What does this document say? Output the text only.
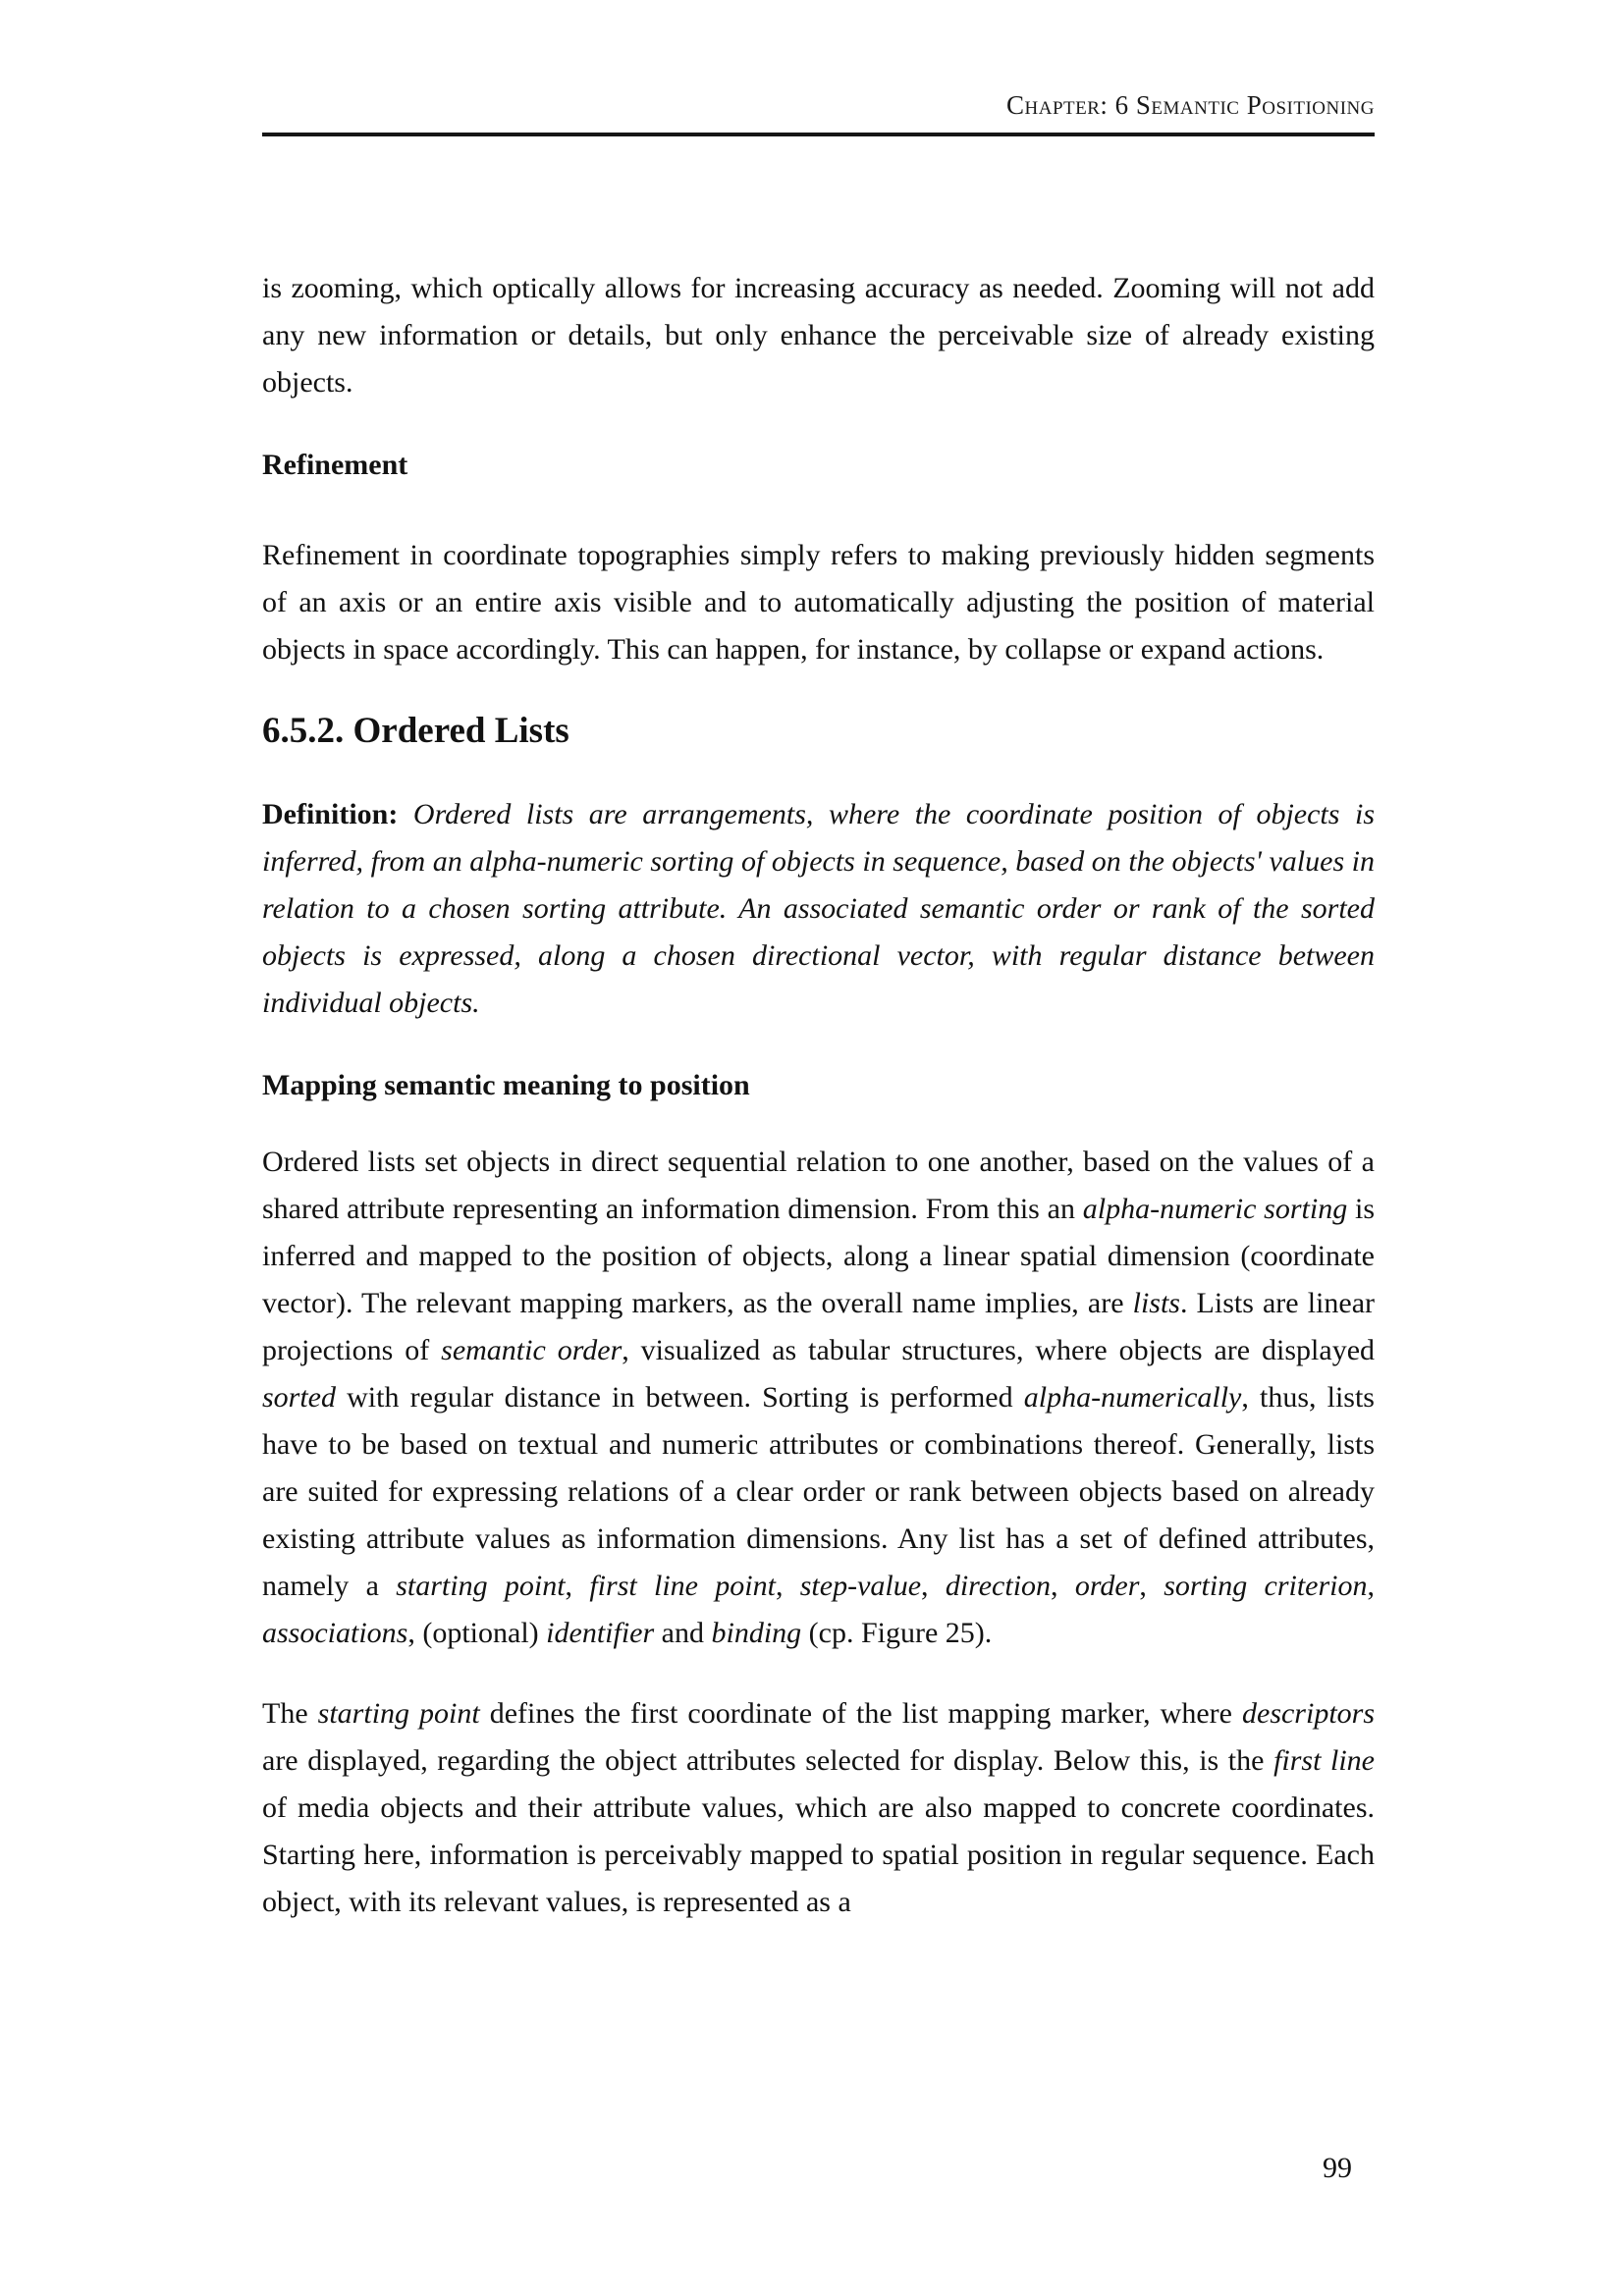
Chapter: 6 Semantic Positioning

is zooming, which optically allows for increasing accuracy as needed. Zooming will not add any new information or details, but only enhance the perceivable size of already existing objects.

Refinement

Refinement in coordinate topographies simply refers to making previously hidden segments of an axis or an entire axis visible and to automatically adjusting the position of material objects in space accordingly. This can happen, for instance, by collapse or expand actions.

6.5.2. Ordered Lists

Definition: Ordered lists are arrangements, where the coordinate position of objects is inferred, from an alpha-numeric sorting of objects in sequence, based on the objects' values in relation to a chosen sorting attribute. An associated semantic order or rank of the sorted objects is expressed, along a chosen directional vector, with regular distance between individual objects.

Mapping semantic meaning to position

Ordered lists set objects in direct sequential relation to one another, based on the values of a shared attribute representing an information dimension. From this an alpha-numeric sorting is inferred and mapped to the position of objects, along a linear spatial dimension (coordinate vector). The relevant mapping markers, as the overall name implies, are lists. Lists are linear projections of semantic order, visualized as tabular structures, where objects are displayed sorted with regular distance in between. Sorting is performed alpha-numerically, thus, lists have to be based on textual and numeric attributes or combinations thereof. Generally, lists are suited for expressing relations of a clear order or rank between objects based on already existing attribute values as information dimensions. Any list has a set of defined attributes, namely a starting point, first line point, step-value, direction, order, sorting criterion, associations, (optional) identifier and binding (cp. Figure 25).

The starting point defines the first coordinate of the list mapping marker, where descriptors are displayed, regarding the object attributes selected for display. Below this, is the first line of media objects and their attribute values, which are also mapped to concrete coordinates. Starting here, information is perceivably mapped to spatial position in regular sequence. Each object, with its relevant values, is represented as a

99
